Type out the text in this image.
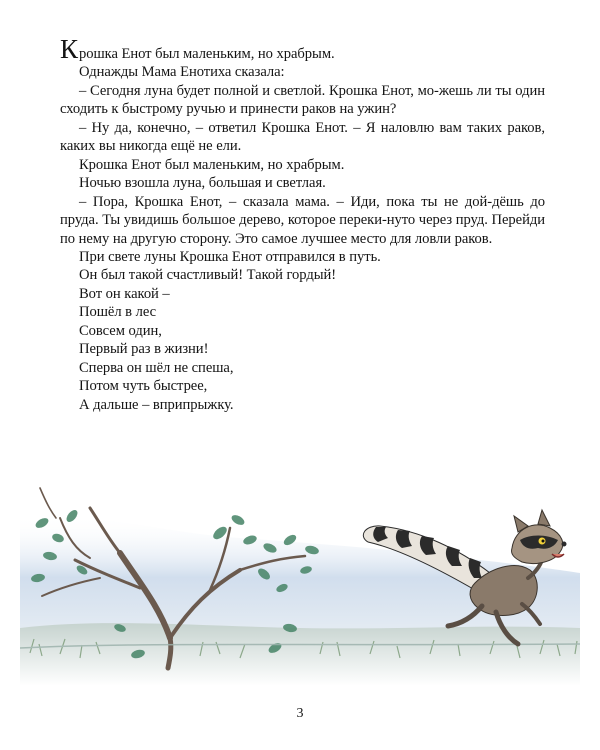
Крошка Енот был маленьким, но храбрым.

Однажды Мама Енотиха сказала:

– Сегодня луна будет полной и светлой. Крошка Енот, мо-жешь ли ты один сходить к быстрому ручью и принести раков на ужин?

– Ну да, конечно, – ответил Крошка Енот. – Я наловлю вам таких раков, каких вы никогда ещё не ели.

Крошка Енот был маленьким, но храбрым.

Ночью взошла луна, большая и светлая.

– Пора, Крошка Енот, – сказала мама. – Иди, пока ты не дой-дёшь до пруда. Ты увидишь большое дерево, которое переки-нуто через пруд. Перейди по нему на другую сторону. Это самое лучшее место для ловли раков.

При свете луны Крошка Енот отправился в путь.

Он был такой счастливый! Такой гордый!

Вот он какой –

Пошёл в лес

Совсем один,

Первый раз в жизни!

Сперва он шёл не спеша,

Потом чуть быстрее,

А дальше – вприпрыжку.

3
